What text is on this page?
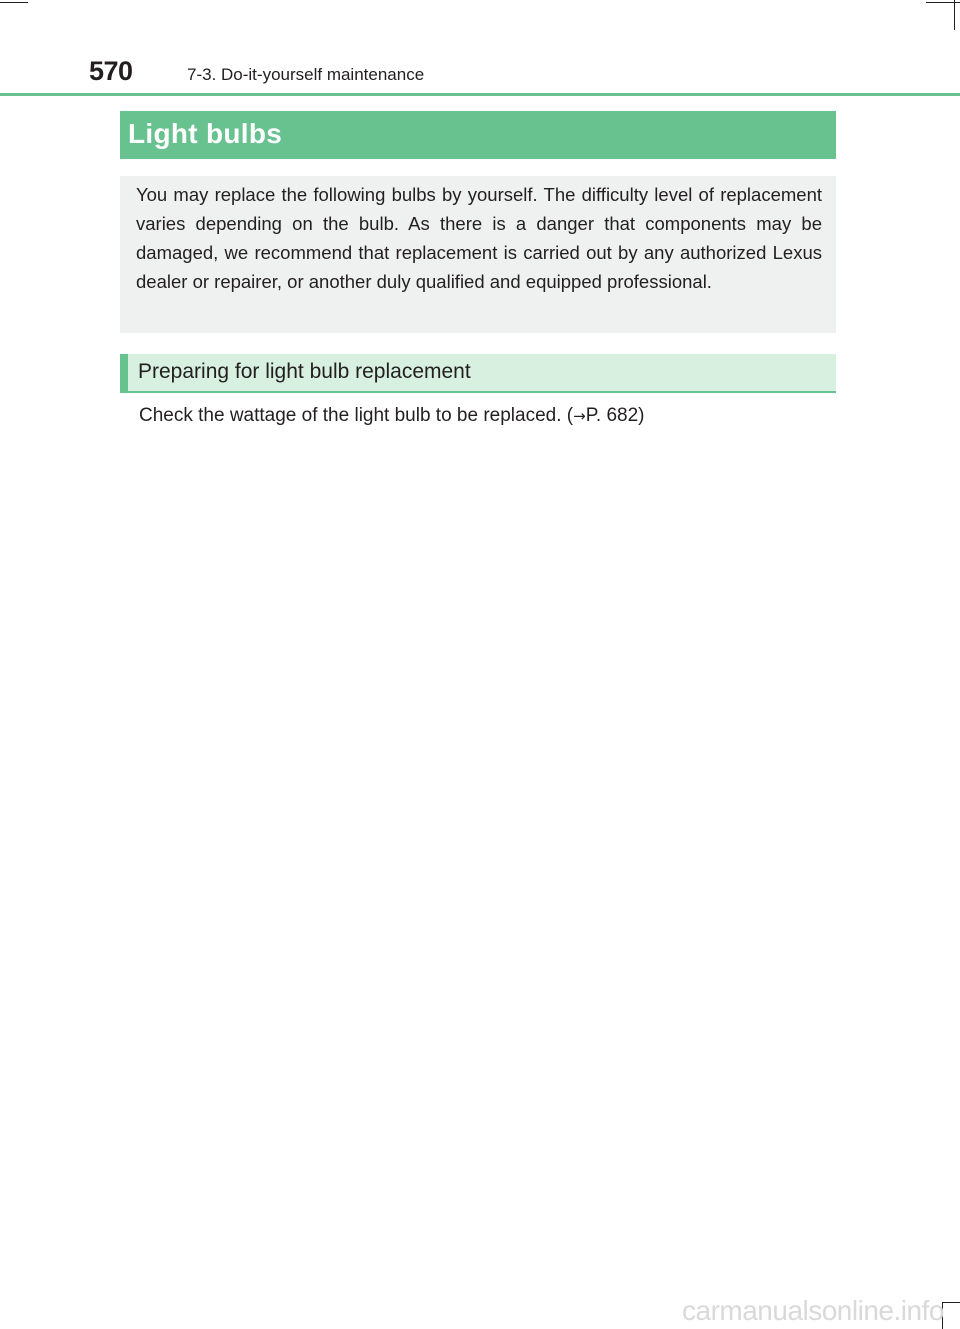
570	7-3. Do-it-yourself maintenance
Light bulbs

You may replace the following bulbs by yourself. The difficulty level of replacement varies depending on the bulb. As there is a danger that components may be damaged, we recommend that replacement is carried out by any authorized Lexus dealer or repairer, or another duly qualified and equipped professional.

Preparing for light bulb replacement

Check the wattage of the light bulb to be replaced. (→P. 682)

carmanualsonline.info
